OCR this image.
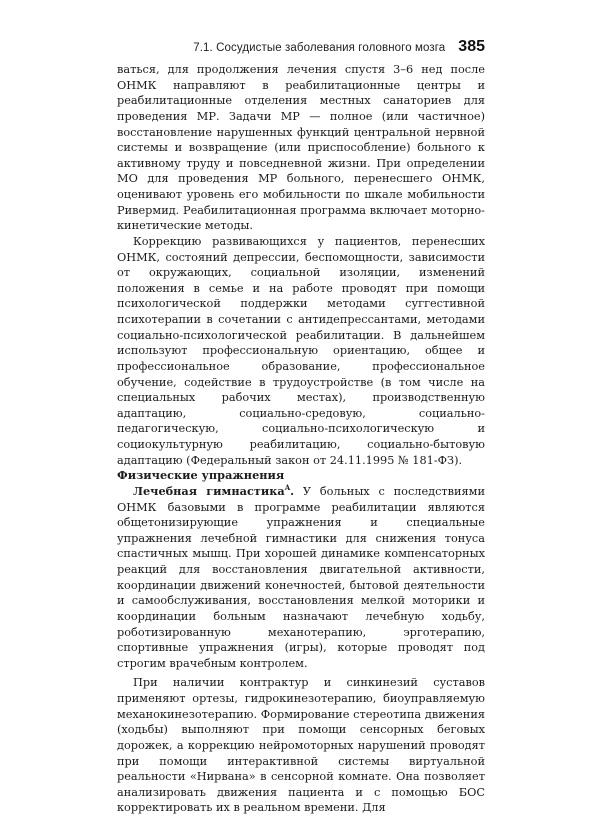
7.1. Сосудистые заболевания головного мозга 385

ваться, для продолжения лечения спустя 3–6 нед после ОНМК направляют в реабилитационные центры и реабилитационные отделения местных санаториев для проведения МР. Задачи МР — полное (или частичное) восстановление нарушенных функций центральной нервной системы и возвращение (или приспособление) больного к активному труду и повседневной жизни. При определении МО для проведения МР больного, перенесшего ОНМК, оценивают уровень его мобильности по шкале мобильности Ривермид. Реабилитационная программа включает моторно-кинетические методы.

Коррекцию развивающихся у пациентов, перенесших ОНМК, состояний депрессии, беспомощности, зависимости от окружающих, социальной изоляции, изменений положения в семье и на работе проводят при помощи психологической поддержки методами суггестивной психотерапии в сочетании с антидепрессантами, методами социально-психологической реабилитации. В дальнейшем используют профессиональную ориентацию, общее и профессиональное образование, профессиональное обучение, содействие в трудоустройстве (в том числе на специальных рабочих местах), производственную адаптацию, социально-средовую, социально-педагогическую, социально-психологическую и социокультурную реабилитацию, социально-бытовую адаптацию (Федеральный закон от 24.11.1995 № 181-ФЗ).

Физические упражнения

Лечебная гимнастика$^A$. У больных с последствиями ОНМК базовыми в программе реабилитации являются общетонизирующие упражнения и специальные упражнения лечебной гимнастики для снижения тонуса спастичных мышц. При хорошей динамике компенсаторных реакций для восстановления двигательной активности, координации движений конечностей, бытовой деятельности и самообслуживания, восстановления мелкой моторики и координации больным назначают лечебную ходьбу, роботизированную механотерапию, эрготерапию, спортивные упражнения (игры), которые проводят под строгим врачебным контролем.

При наличии контрактур и синкинезий суставов применяют ортезы, гидрокинезотерапию, биоуправляемую механокинезотерапию. Формирование стереотипа движения (ходьбы) выполняют при помощи сенсорных беговых дорожек, а коррекцию нейромоторных нарушений проводят при помощи интерактивной системы виртуальной реальности «Нирвана» в сенсорной комнате. Она позволяет анализировать движения пациента и с помощью БОС корректировать их в реальном времени. Для
